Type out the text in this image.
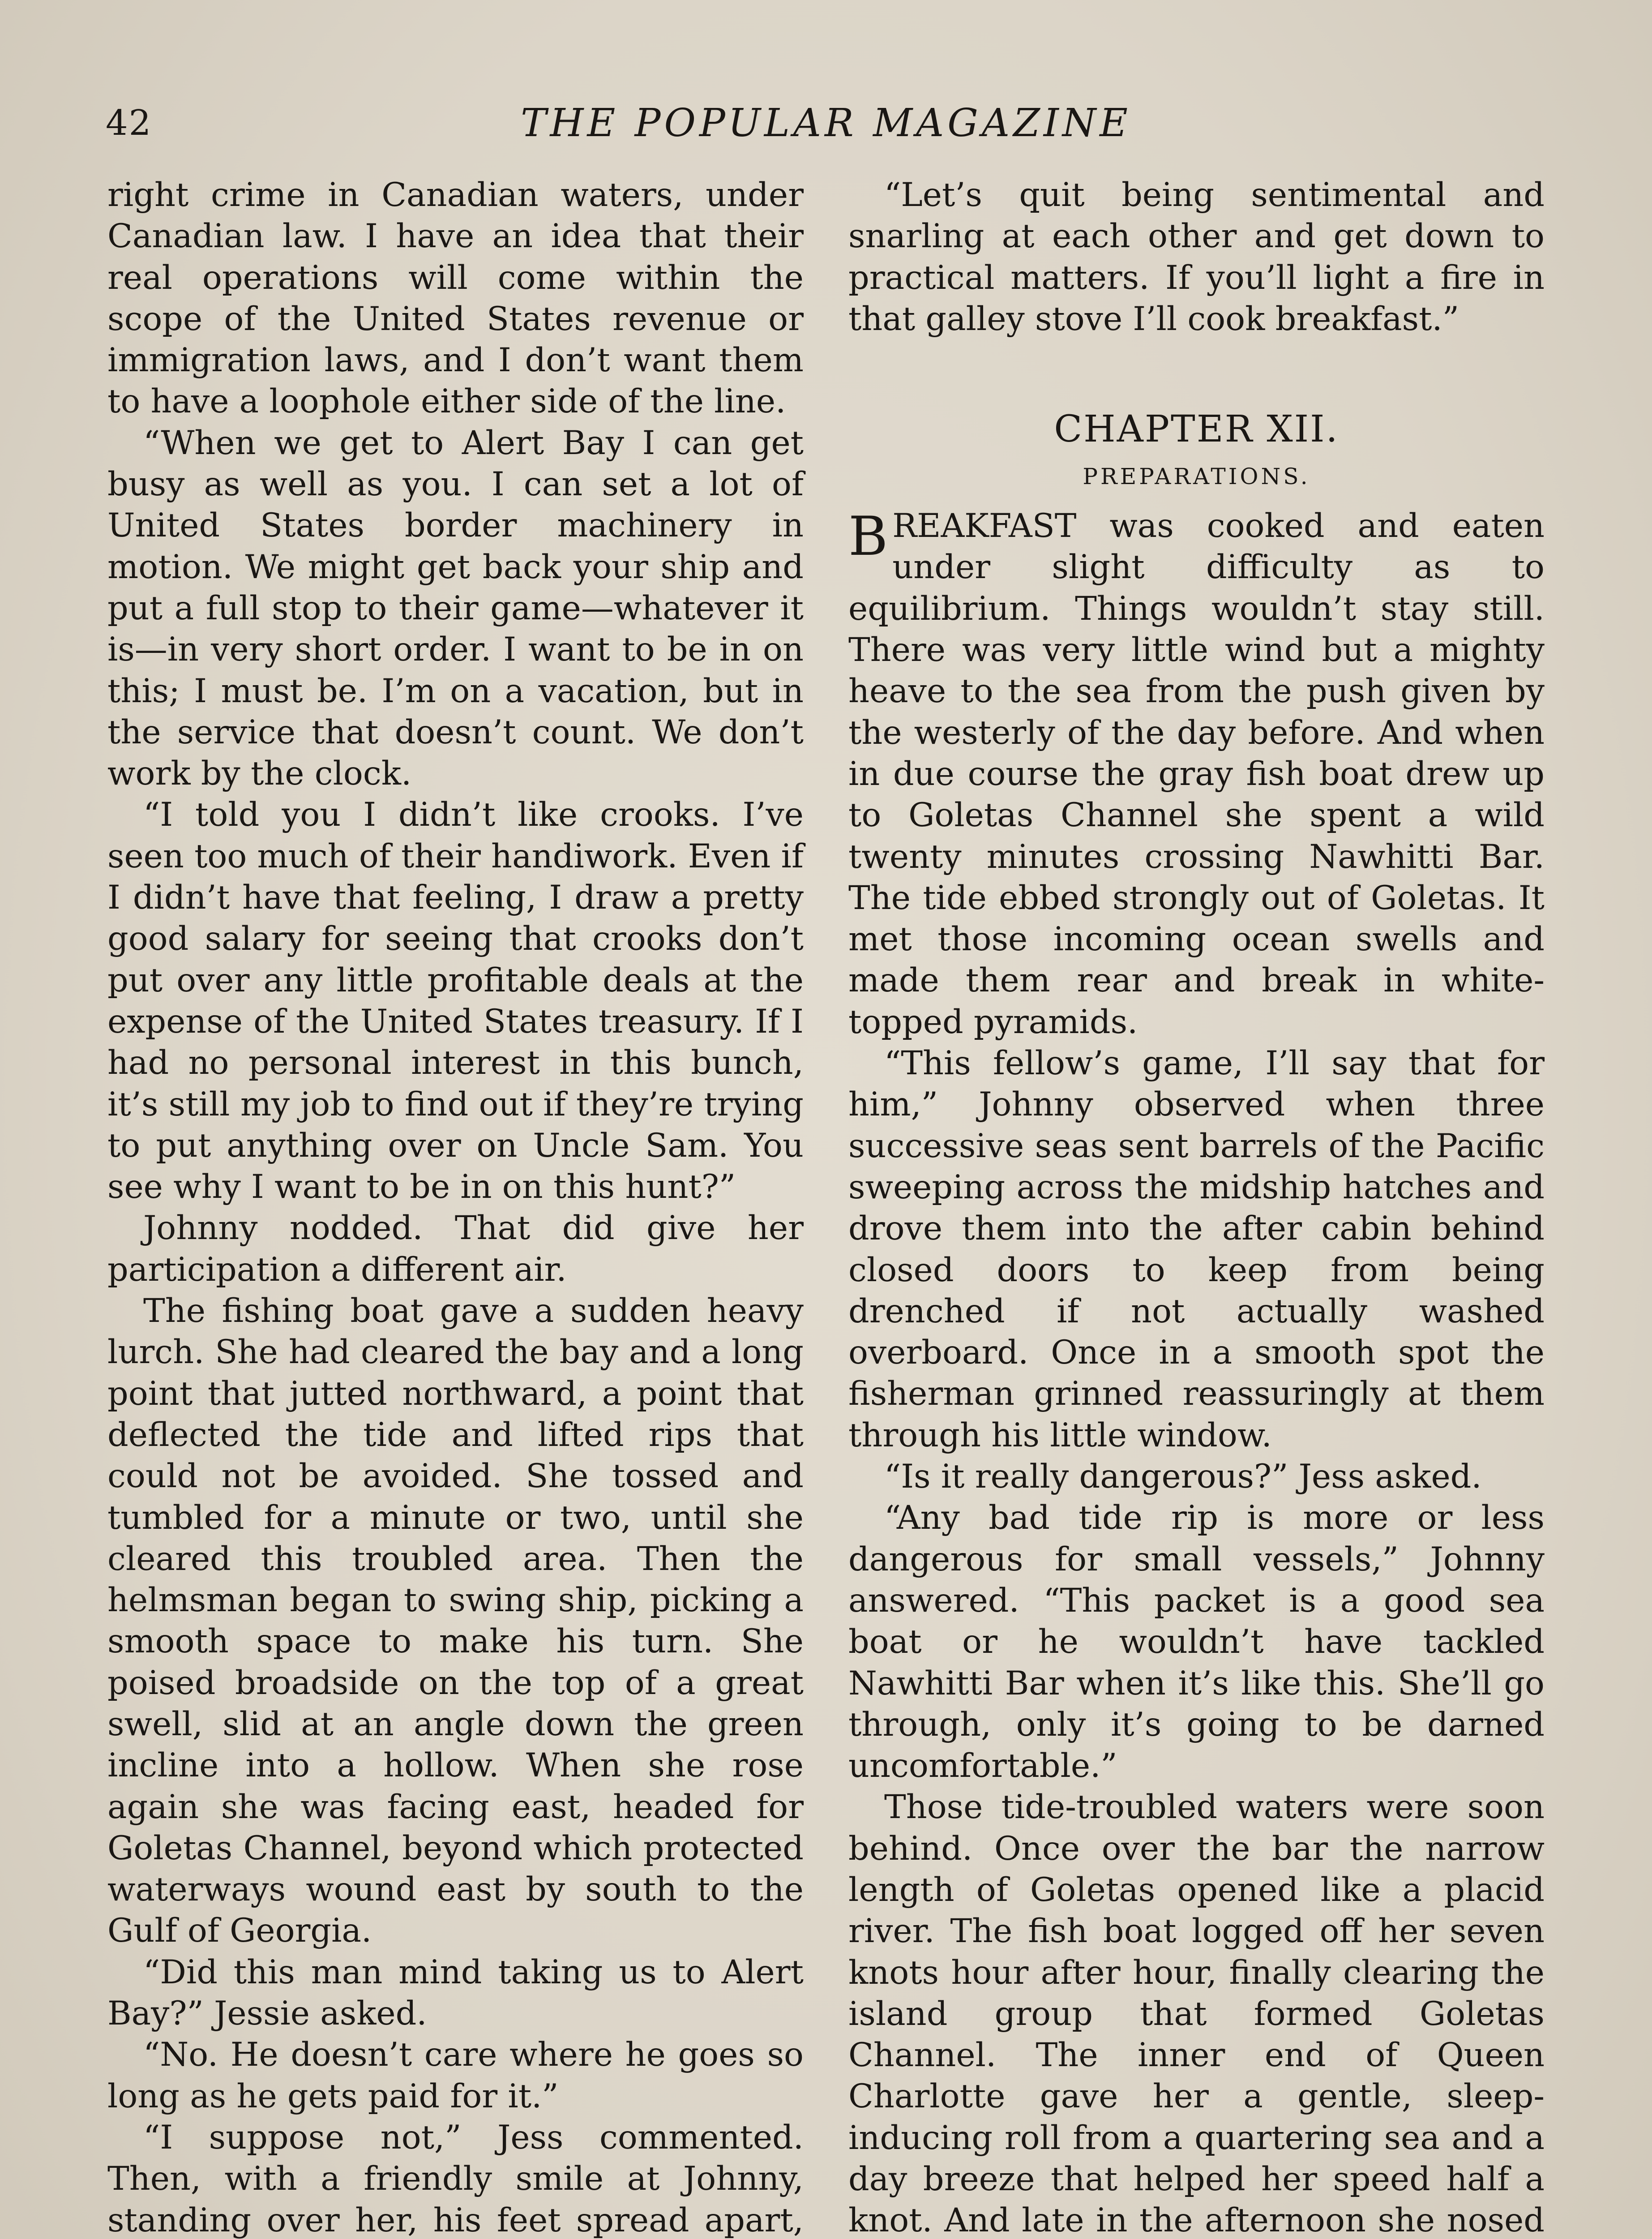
42	THE POPULAR MAGAZINE

right crime in Canadian waters, under Canadian law. I have an idea that their real operations will come within the scope of the United States revenue or immigration laws, and I don’t want them to have a loophole either side of the line.

“When we get to Alert Bay I can get busy as well as you. I can set a lot of United States border machinery in motion. We might get back your ship and put a full stop to their game—whatever it is—in very short order. I want to be in on this; I must be. I’m on a vacation, but in the service that doesn’t count. We don’t work by the clock.

“I told you I didn’t like crooks. I’ve seen too much of their handiwork. Even if I didn’t have that feeling, I draw a pretty good salary for seeing that crooks don’t put over any little profitable deals at the expense of the United States treasury. If I had no personal interest in this bunch, it’s still my job to find out if they’re trying to put anything over on Uncle Sam. You see why I want to be in on this hunt?”

Johnny nodded. That did give her participation a different air.

The fishing boat gave a sudden heavy lurch. She had cleared the bay and a long point that jutted northward, a point that deflected the tide and lifted rips that could not be avoided. She tossed and tumbled for a minute or two, until she cleared this troubled area. Then the helmsman began to swing ship, picking a smooth space to make his turn. She poised broadside on the top of a great swell, slid at an angle down the green incline into a hollow. When she rose again she was facing east, headed for Goletas Channel, beyond which protected waterways wound east by south to the Gulf of Georgia.

“Did this man mind taking us to Alert Bay?” Jessie asked.

“No. He doesn’t care where he goes so long as he gets paid for it.”

“I suppose not,” Jess commented. Then, with a friendly smile at Johnny, standing over her, his feet spread apart,

“Let’s quit being sentimental and snarling at each other and get down to practical matters. If you’ll light a fire in that galley stove I’ll cook breakfast.”

CHAPTER XII.
PREPARATIONS.

BREAKFAST was cooked and eaten under slight difficulty as to equilibrium. Things wouldn’t stay still. There was very little wind but a mighty heave to the sea from the push given by the westerly of the day before. And when in due course the gray fish boat drew up to Goletas Channel she spent a wild twenty minutes crossing Nawhitti Bar. The tide ebbed strongly out of Goletas. It met those incoming ocean swells and made them rear and break in white-topped pyramids.

“This fellow’s game, I’ll say that for him,” Johnny observed when three successive seas sent barrels of the Pacific sweeping across the midship hatches and drove them into the after cabin behind closed doors to keep from being drenched if not actually washed overboard. Once in a smooth spot the fisherman grinned reassuringly at them through his little window.

“Is it really dangerous?” Jess asked.

“Any bad tide rip is more or less dangerous for small vessels,” Johnny answered. “This packet is a good sea boat or he wouldn’t have tackled Nawhitti Bar when it’s like this. She’ll go through, only it’s going to be darned uncomfortable.”

Those tide-troubled waters were soon behind. Once over the bar the narrow length of Goletas opened like a placid river. The fish boat logged off her seven knots hour after hour, finally clearing the island group that formed Goletas Channel. The inner end of Queen Charlotte gave her a gentle, sleep-inducing roll from a quartering sea and a day breeze that helped her speed half a knot. And late in the afternoon she nosed
